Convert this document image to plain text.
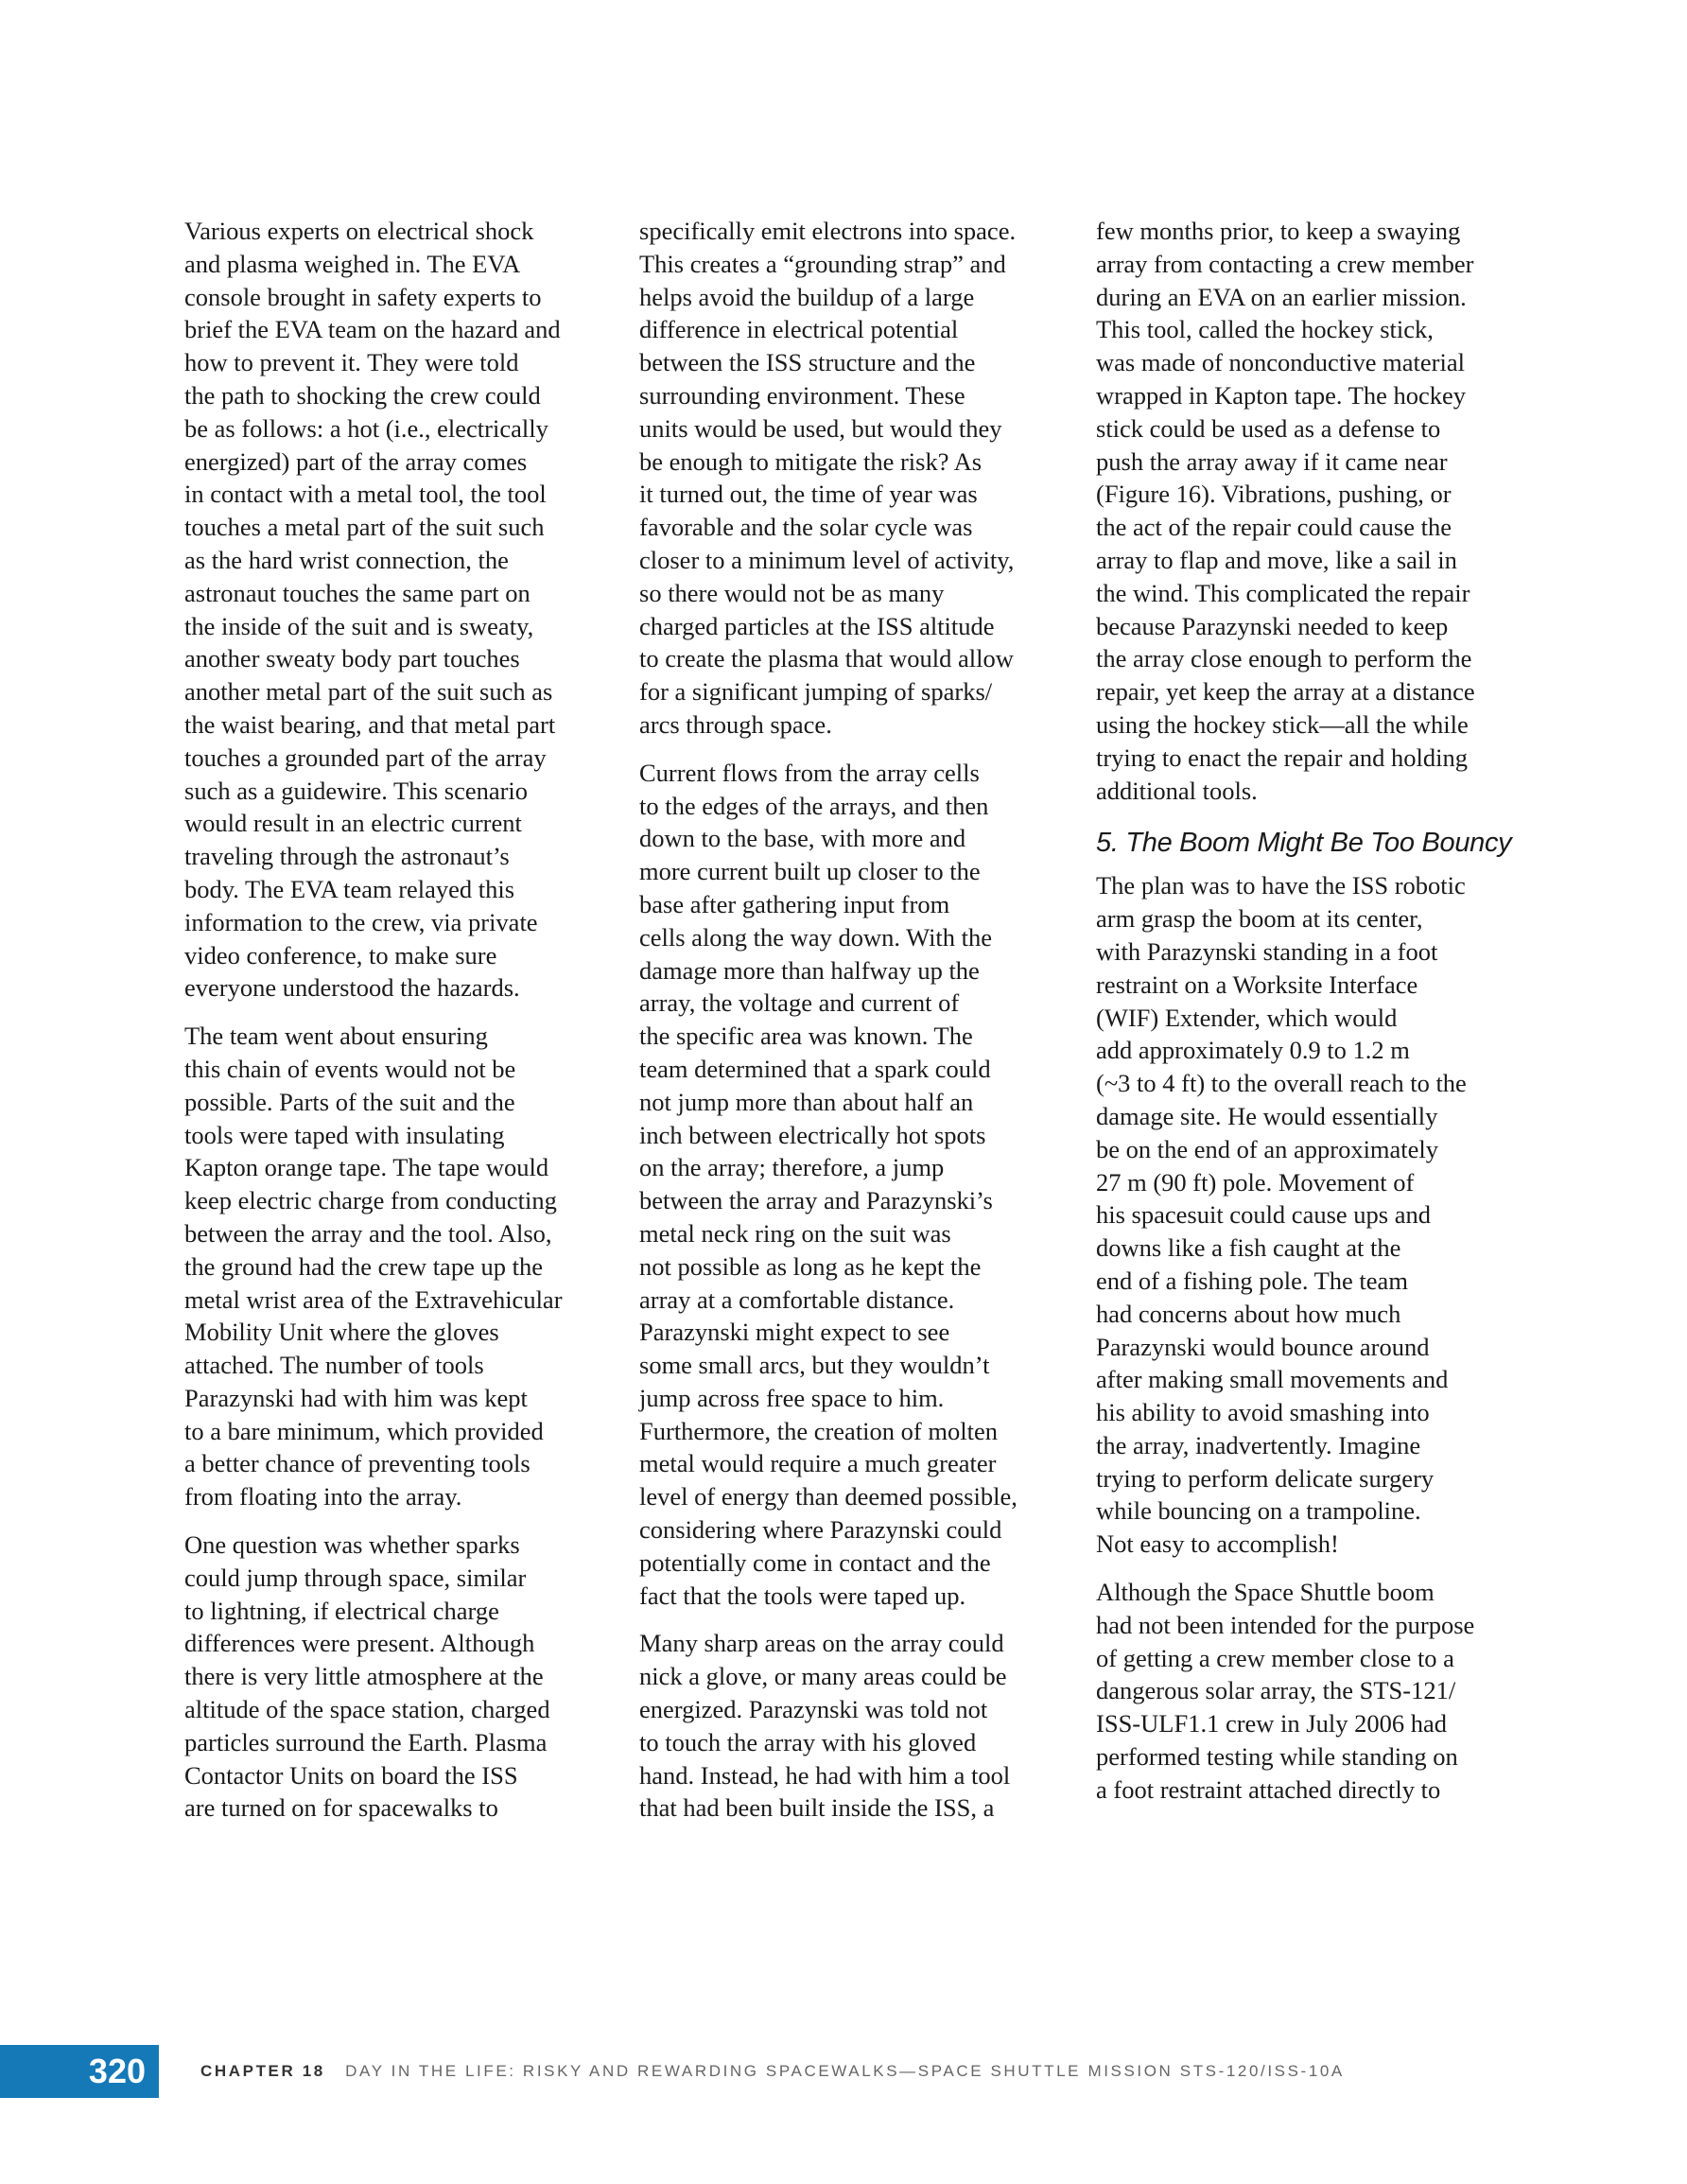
Various experts on electrical shock
and plasma weighed in. The EVA
console brought in safety experts to
brief the EVA team on the hazard and
how to prevent it. They were told
the path to shocking the crew could
be as follows: a hot (i.e., electrically
energized) part of the array comes
in contact with a metal tool, the tool
touches a metal part of the suit such
as the hard wrist connection, the
astronaut touches the same part on
the inside of the suit and is sweaty,
another sweaty body part touches
another metal part of the suit such as
the waist bearing, and that metal part
touches a grounded part of the array
such as a guidewire. This scenario
would result in an electric current
traveling through the astronaut’s
body. The EVA team relayed this
information to the crew, via private
video conference, to make sure
everyone understood the hazards.

The team went about ensuring
this chain of events would not be
possible. Parts of the suit and the
tools were taped with insulating
Kapton orange tape. The tape would
keep electric charge from conducting
between the array and the tool. Also,
the ground had the crew tape up the
metal wrist area of the Extravehicular
Mobility Unit where the gloves
attached. The number of tools
Parazynski had with him was kept
to a bare minimum, which provided
a better chance of preventing tools
from floating into the array.

One question was whether sparks
could jump through space, similar
to lightning, if electrical charge
differences were present. Although
there is very little atmosphere at the
altitude of the space station, charged
particles surround the Earth. Plasma
Contactor Units on board the ISS
are turned on for spacewalks to

specifically emit electrons into space.
This creates a “grounding strap” and
helps avoid the buildup of a large
difference in electrical potential
between the ISS structure and the
surrounding environment. These
units would be used, but would they
be enough to mitigate the risk? As
it turned out, the time of year was
favorable and the solar cycle was
closer to a minimum level of activity,
so there would not be as many
charged particles at the ISS altitude
to create the plasma that would allow
for a significant jumping of sparks/
arcs through space.

Current flows from the array cells
to the edges of the arrays, and then
down to the base, with more and
more current built up closer to the
base after gathering input from
cells along the way down. With the
damage more than halfway up the
array, the voltage and current of
the specific area was known. The
team determined that a spark could
not jump more than about half an
inch between electrically hot spots
on the array; therefore, a jump
between the array and Parazynski’s
metal neck ring on the suit was
not possible as long as he kept the
array at a comfortable distance.
Parazynski might expect to see
some small arcs, but they wouldn’t
jump across free space to him.
Furthermore, the creation of molten
metal would require a much greater
level of energy than deemed possible,
considering where Parazynski could
potentially come in contact and the
fact that the tools were taped up.

Many sharp areas on the array could
nick a glove, or many areas could be
energized. Parazynski was told not
to touch the array with his gloved
hand. Instead, he had with him a tool
that had been built inside the ISS, a

few months prior, to keep a swaying
array from contacting a crew member
during an EVA on an earlier mission.
This tool, called the hockey stick,
was made of nonconductive material
wrapped in Kapton tape. The hockey
stick could be used as a defense to
push the array away if it came near
(Figure 16). Vibrations, pushing, or
the act of the repair could cause the
array to flap and move, like a sail in
the wind. This complicated the repair
because Parazynski needed to keep
the array close enough to perform the
repair, yet keep the array at a distance
using the hockey stick—all the while
trying to enact the repair and holding
additional tools.

5. The Boom Might Be Too Bouncy

The plan was to have the ISS robotic
arm grasp the boom at its center,
with Parazynski standing in a foot
restraint on a Worksite Interface
(WIF) Extender, which would
add approximately 0.9 to 1.2 m
(~3 to 4 ft) to the overall reach to the
damage site. He would essentially
be on the end of an approximately
27 m (90 ft) pole. Movement of
his spacesuit could cause ups and
downs like a fish caught at the
end of a fishing pole. The team
had concerns about how much
Parazynski would bounce around
after making small movements and
his ability to avoid smashing into
the array, inadvertently. Imagine
trying to perform delicate surgery
while bouncing on a trampoline.
Not easy to accomplish!

Although the Space Shuttle boom
had not been intended for the purpose
of getting a crew member close to a
dangerous solar array, the STS-121/
ISS-ULF1.1 crew in July 2006 had
performed testing while standing on
a foot restraint attached directly to

320	CHAPTER 18 DAY IN THE LIFE: RISKY AND REWARDING SPACEWALKS—SPACE SHUTTLE MISSION STS-120/ISS-10A
